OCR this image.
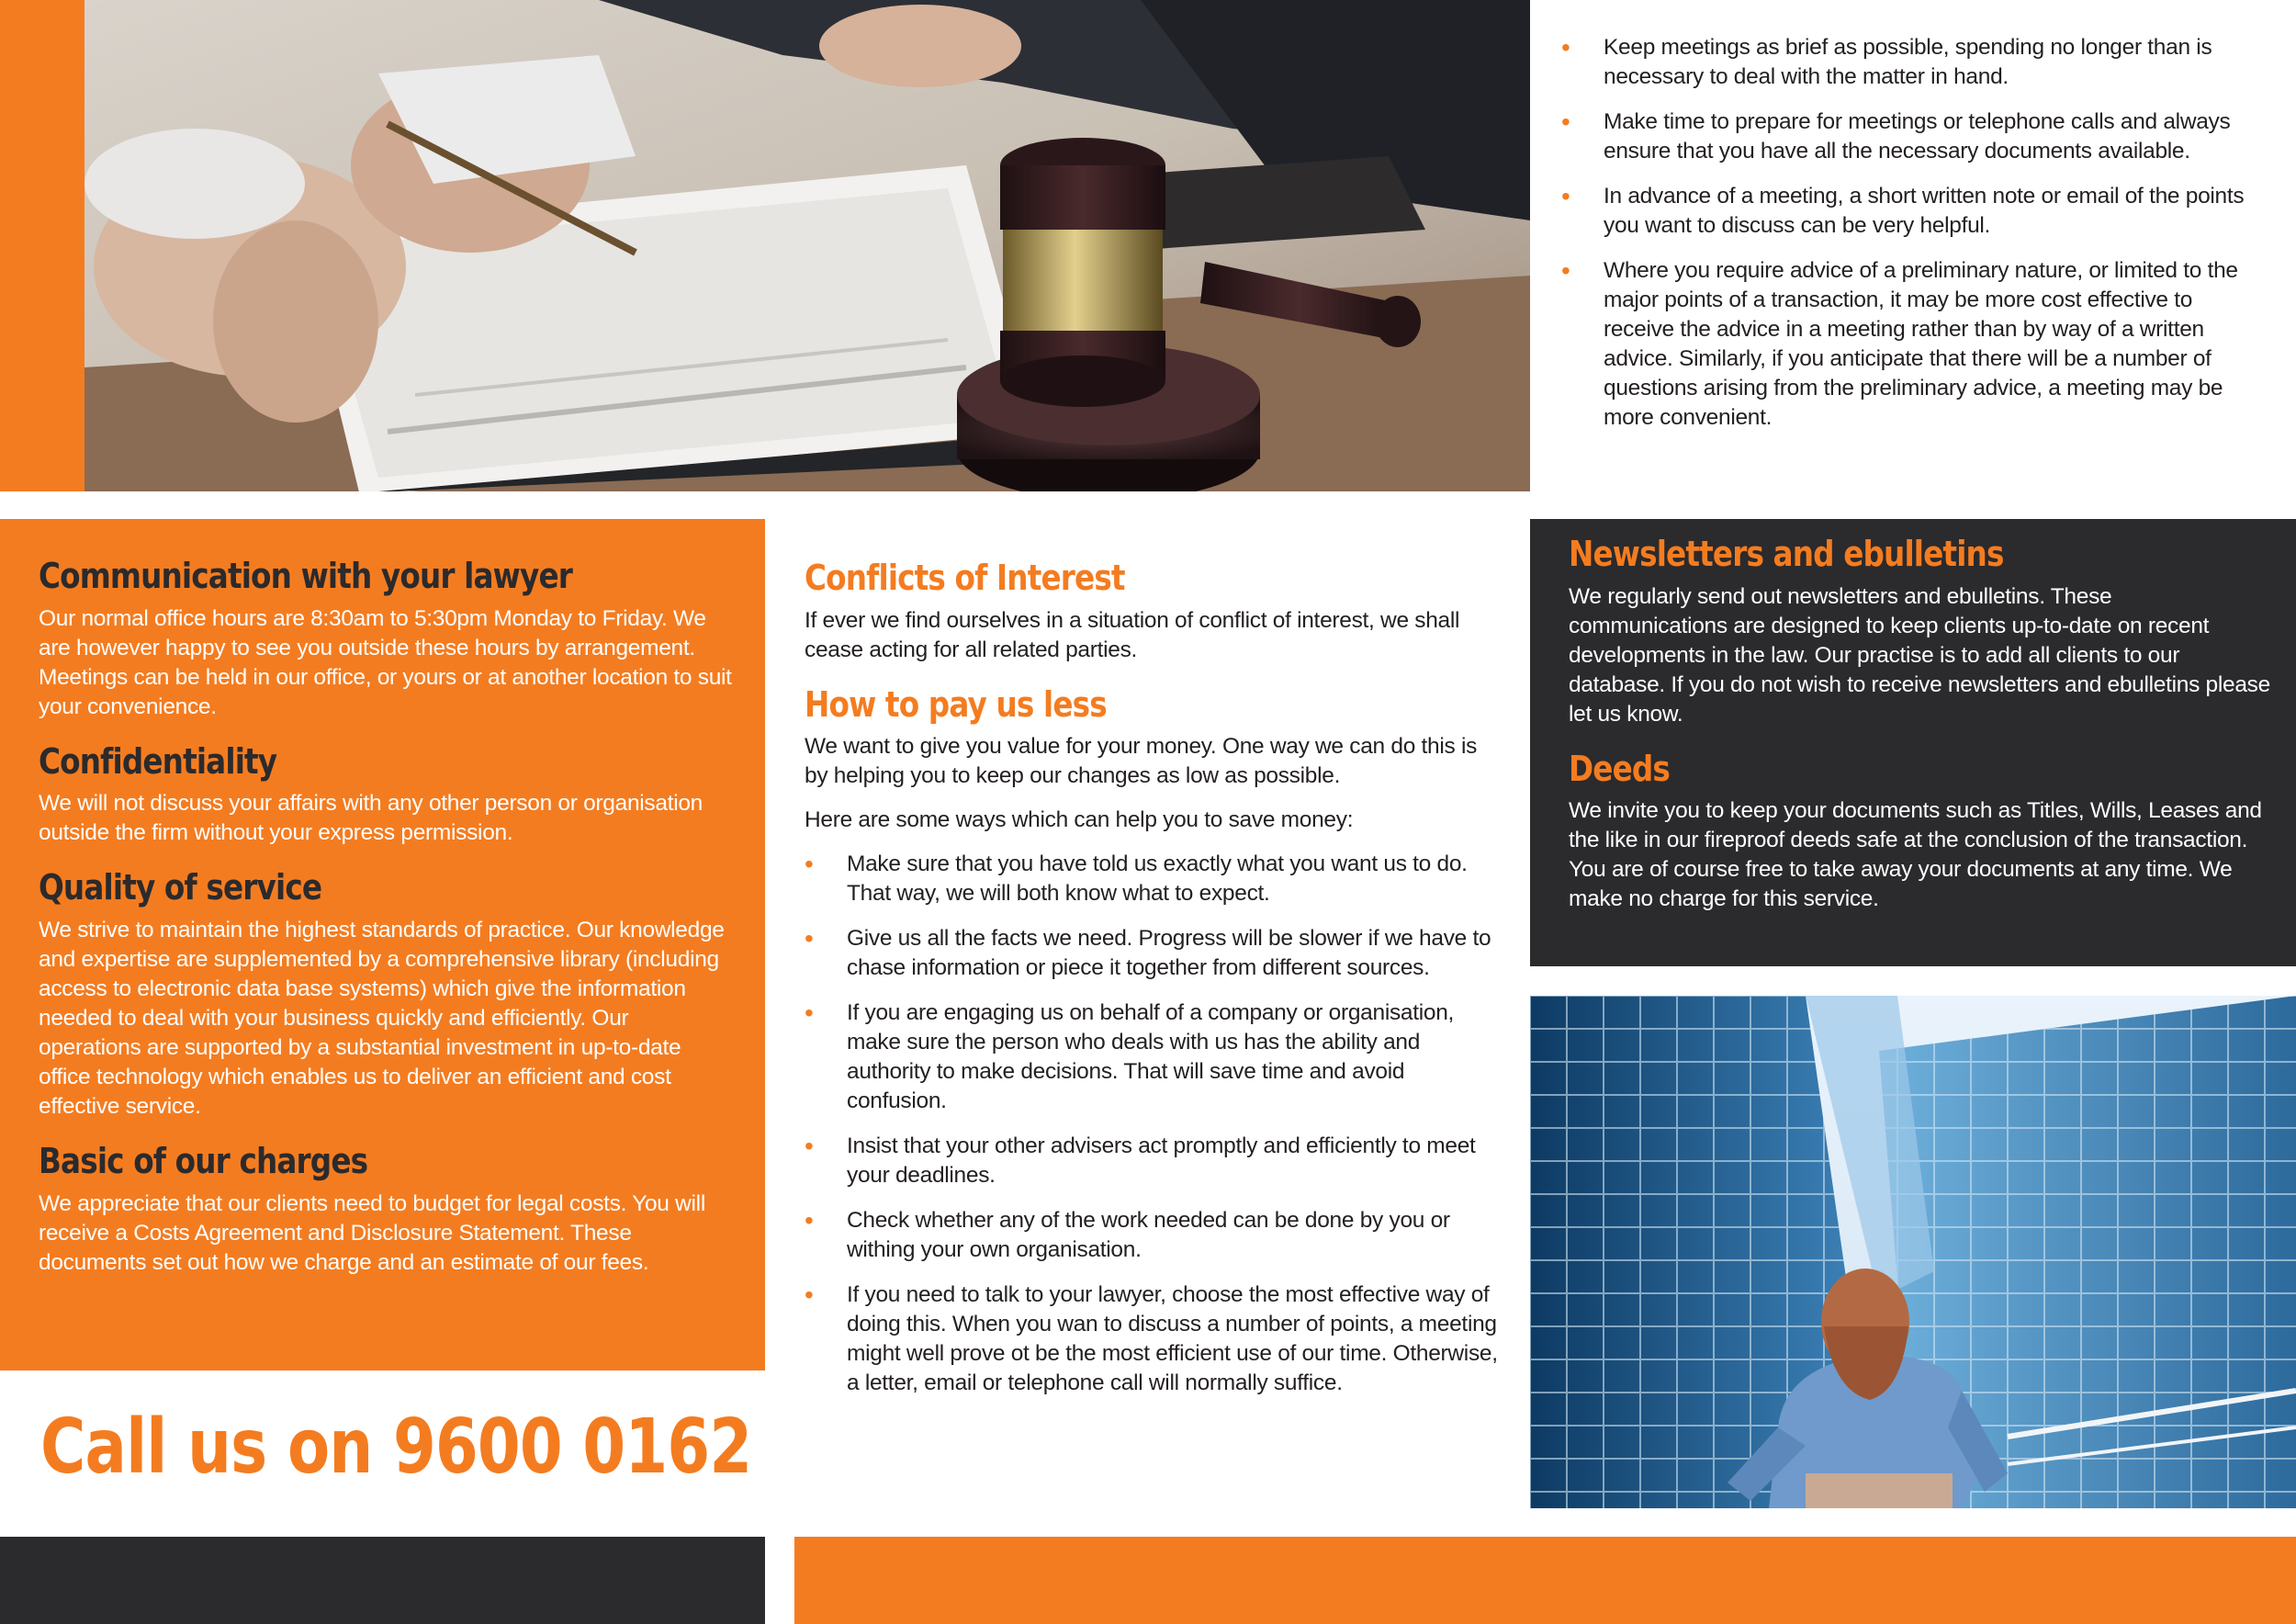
• Keep meetings as brief as possible, spending no longer than is necessary to deal with the matter in hand.
• Make time to prepare for meetings or telephone calls and always ensure that you have all the necessary documents available.
• In advance of a meeting, a short written note or email of the points you want to discuss can be very helpful.
• Where you require advice of a preliminary nature, or limited to the major points of a transaction, it may be more cost effective to receive the advice in a meeting rather than by way of a written advice. Similarly, if you anticipate that there will be a number of questions arising from the preliminary advice, a meeting may be more convenient.
Communication with your lawyer

Our normal office hours are 8:30am to 5:30pm Monday to Friday. We are however happy to see you outside these hours by arrangement. Meetings can be held in our office, or yours or at another location to suit your convenience.

Confidentiality

We will not discuss your affairs with any other person or organisation outside the firm without your express permission.

Quality of service

We strive to maintain the highest standards of practice. Our knowledge and expertise are supplemented by a comprehensive library (including access to electronic data base systems) which give the information needed to deal with your business quickly and efficiently. Our operations are supported by a substantial investment in up-to-date office technology which enables us to deliver an efficient and cost effective service.

Basic of our charges

We appreciate that our clients need to budget for legal costs. You will receive a Costs Agreement and Disclosure Statement. These documents set out how we charge and an estimate of our fees.

Call us on 9600 0162
Conflicts of Interest

If ever we find ourselves in a situation of conflict of interest, we shall cease acting for all related parties.

How to pay us less

We want to give you value for your money. One way we can do this is by helping you to keep our changes as low as possible.

Here are some ways which can help you to save money:

• Make sure that you have told us exactly what you want us to do. That way, we will both know what to expect.
• Give us all the facts we need. Progress will be slower if we have to chase information or piece it together from different sources.
• If you are engaging us on behalf of a company or organisation, make sure the person who deals with us has the ability and authority to make decisions. That will save time and avoid confusion.
• Insist that your other advisers act promptly and efficiently to meet your deadlines.
• Check whether any of the work needed can be done by you or withing your own organisation.
• If you need to talk to your lawyer, choose the most effective way of doing this. When you wan to discuss a number of points, a meeting might well prove ot be the most efficient use of our time. Otherwise, a letter, email or telephone call will normally suffice.
Newsletters and ebulletins

We regularly send out newsletters and ebulletins. These communications are designed to keep clients up-to-date on recent developments in the law. Our practise is to add all clients to our database. If you do not wish to receive newsletters and ebulletins please let us know.

Deeds

We invite you to keep your documents such as Titles, Wills, Leases and the like in our fireproof deeds safe at the conclusion of the transaction. You are of course free to take away your documents at any time. We make no charge for this service.
